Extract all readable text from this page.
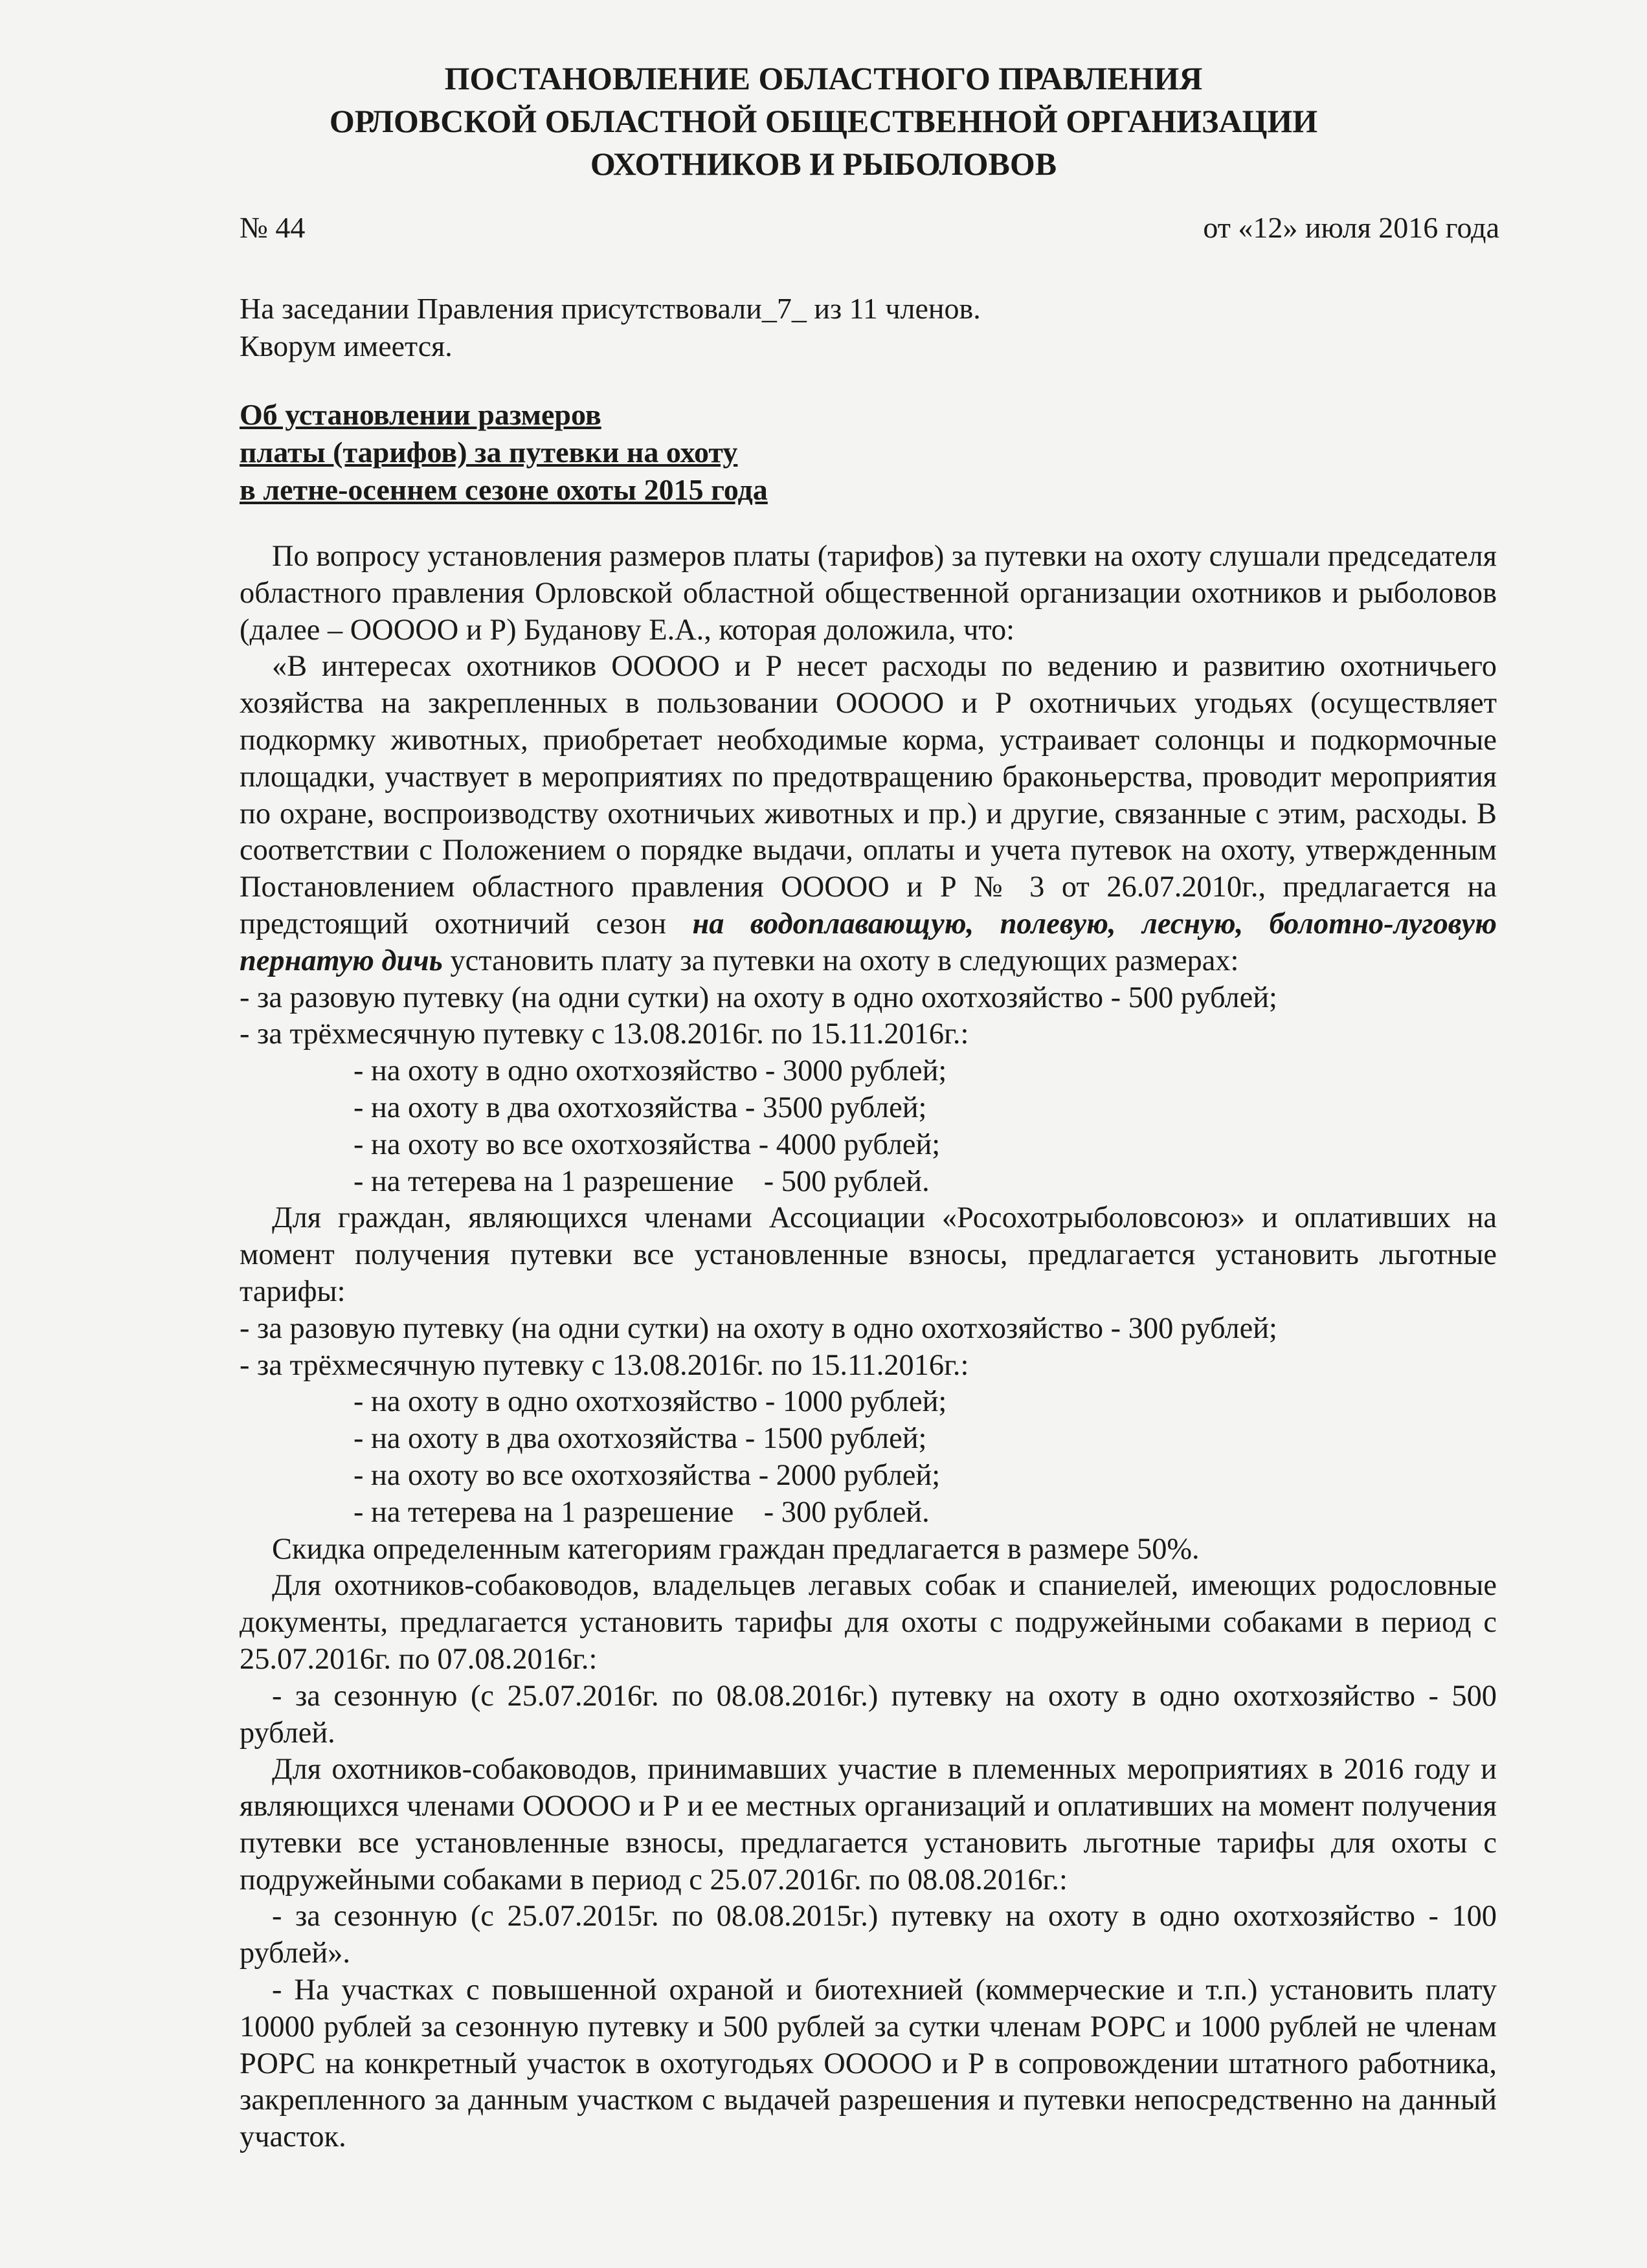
ПОСТАНОВЛЕНИЕ ОБЛАСТНОГО ПРАВЛЕНИЯ
ОРЛОВСКОЙ ОБЛАСТНОЙ ОБЩЕСТВЕННОЙ ОРГАНИЗАЦИИ
ОХОТНИКОВ И РЫБОЛОВОВ
№ 44	от «12» июля 2016 года
На заседании Правления присутствовали_7_ из 11 членов.
Кворум имеется.
Об установлении размеров
платы (тарифов) за путевки на охоту
в летне-осеннем сезоне охоты 2015 года

По вопросу установления размеров платы (тарифов) за путевки на охоту слушали председателя областного правления Орловской областной общественной организации охотников и рыболовов (далее – ООООО и Р) Буданову Е.А., которая доложила, что:

«В интересах охотников ООООО и Р несет расходы по ведению и развитию охотничьего хозяйства на закрепленных в пользовании ООООО и Р охотничьих угодьях (осуществляет подкормку животных, приобретает необходимые корма, устраивает солонцы и подкормочные площадки, участвует в мероприятиях по предотвращению браконьерства, проводит мероприятия по охране, воспроизводству охотничьих животных и пр.) и другие, связанные с этим, расходы. В соответствии с Положением о порядке выдачи, оплаты и учета путевок на охоту, утвержденным Постановлением областного правления ООООО и Р № 3 от 26.07.2010г., предлагается на предстоящий охотничий сезон на водоплавающую, полевую, лесную, болотно-луговую пернатую дичь установить плату за путевки на охоту в следующих размерах:

- за разовую путевку (на одни сутки) на охоту в одно охотхозяйство - 500 рублей;

- за трёхмесячную путевку с 13.08.2016г. по 15.11.2016г.:

- на охоту в одно охотхозяйство - 3000 рублей;

- на охоту в два охотхозяйства - 3500 рублей;

- на охоту во все охотхозяйства - 4000 рублей;

- на тетерева на 1 разрешение    - 500 рублей.

Для граждан, являющихся членами Ассоциации «Росохотрыболовсоюз» и оплативших на момент получения путевки все установленные взносы, предлагается установить льготные тарифы:

- за разовую путевку (на одни сутки) на охоту в одно охотхозяйство - 300 рублей;

- за трёхмесячную путевку с 13.08.2016г. по 15.11.2016г.:

- на охоту в одно охотхозяйство - 1000 рублей;

- на охоту в два охотхозяйства - 1500 рублей;

- на охоту во все охотхозяйства - 2000 рублей;

- на тетерева на 1 разрешение    - 300 рублей.

Скидка определенным категориям граждан предлагается в размере 50%.

Для охотников-собаководов, владельцев легавых собак и спаниелей, имеющих родословные документы, предлагается установить тарифы для охоты с подружейными собаками в период с 25.07.2016г. по 07.08.2016г.:

- за сезонную (с 25.07.2016г. по 08.08.2016г.) путевку на охоту в одно охотхозяйство - 500 рублей.

Для охотников-собаководов, принимавших участие в племенных мероприятиях в 2016 году и являющихся членами ООООО и Р и ее местных организаций и оплативших на момент получения путевки все установленные взносы, предлагается установить льготные тарифы для охоты с подружейными собаками в период с 25.07.2016г. по 08.08.2016г.:

- за сезонную (с 25.07.2015г. по 08.08.2015г.) путевку на охоту в одно охотхозяйство - 100 рублей».

- На участках с повышенной охраной и биотехнией (коммерческие и т.п.) установить плату 10000 рублей за сезонную путевку и 500 рублей за сутки членам РОРС и 1000 рублей не членам РОРС на конкретный участок в охотугодьях ООООО и Р в сопровождении штатного работника, закрепленного за данным участком с выдачей разрешения и путевки непосредственно на данный участок.
